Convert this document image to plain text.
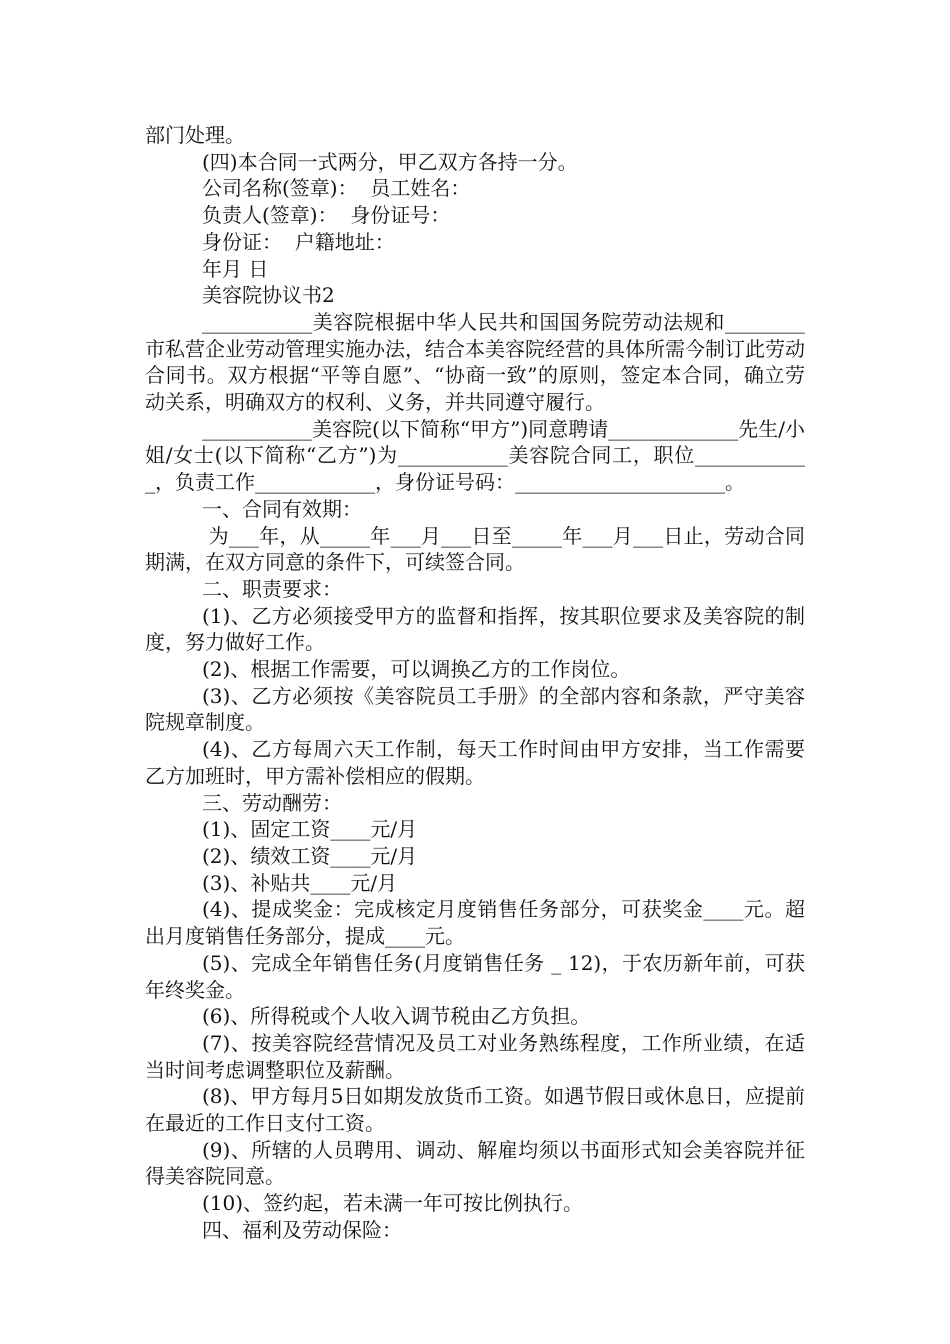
部门处理。

(四)本合同一式两分，甲乙双方各持一分。

公司名称(签章)：  员工姓名：

负责人(签章)：  身份证号：

身份证：  户籍地址：

年月 日

美容院协议书2

___________美容院根据中华人民共和国国务院劳动法规和________市私营企业劳动管理实施办法，结合本美容院经营的具体所需今制订此劳动合同书。双方根据“平等自愿”、“协商一致”的原则，签定本合同，确立劳动关系，明确双方的权利、义务，并共同遵守履行。

___________美容院(以下简称“甲方”)同意聘请_____________先生/小姐/女士(以下简称“乙方”)为___________美容院合同工，职位____________，负责工作____________，身份证号码：_____________________。

一、合同有效期：

为___年，从_____年___月___日至_____年___月___日止，劳动合同期满，在双方同意的条件下，可续签合同。

二、职责要求：

(1)、乙方必须接受甲方的监督和指挥，按其职位要求及美容院的制度，努力做好工作。

(2)、根据工作需要，可以调换乙方的工作岗位。

(3)、乙方必须按《美容院员工手册》的全部内容和条款，严守美容院规章制度。

(4)、乙方每周六天工作制，每天工作时间由甲方安排，当工作需要乙方加班时，甲方需补偿相应的假期。

三、劳动酬劳：

(1)、固定工资____元/月

(2)、绩效工资____元/月

(3)、补贴共____元/月

(4)、提成奖金：完成核定月度销售任务部分，可获奖金____元。超出月度销售任务部分，提成____元。

(5)、完成全年销售任务(月度销售任务 _ 12)，于农历新年前，可获年终奖金。

(6)、所得税或个人收入调节税由乙方负担。

(7)、按美容院经营情况及员工对业务熟练程度，工作所业绩，在适当时间考虑调整职位及薪酬。

(8)、甲方每月5日如期发放货币工资。如遇节假日或休息日，应提前在最近的工作日支付工资。

(9)、所辖的人员聘用、调动、解雇均须以书面形式知会美容院并征得美容院同意。

(10)、签约起，若未满一年可按比例执行。

四、福利及劳动保险：
